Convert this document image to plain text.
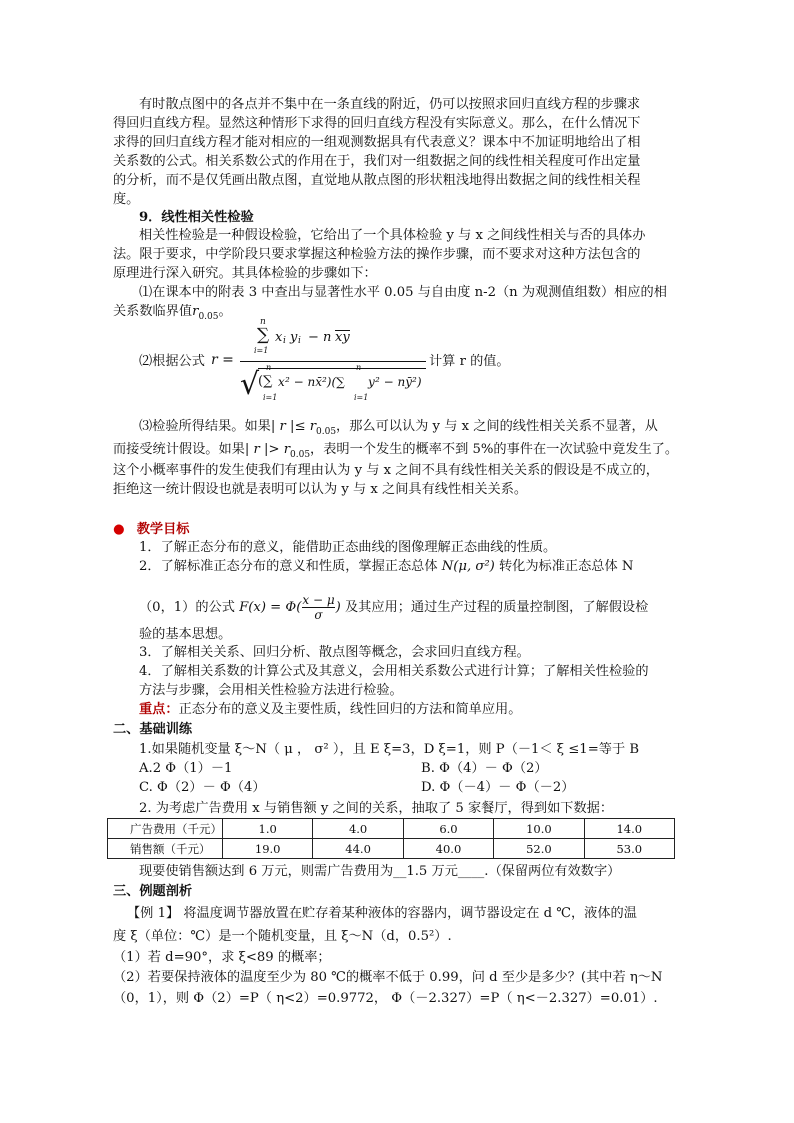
有时散点图中的各点并不集中在一条直线的附近，仍可以按照求回归直线方程的步骤求
得回归直线方程。显然这种情形下求得的回归直线方程没有实际意义。那么，在什么情况下
求得的回归直线方程才能对相应的一组观测数据具有代表意义？课本中不加证明地给出了相
关系数的公式。相关系数公式的作用在于，我们对一组数据之间的线性相关程度可作出定量
的分析，而不是仅凭画出散点图，直觉地从散点图的形状粗浅地得出数据之间的线性相关程
度。
9．线性相关性检验
相关性检验是一种假设检验，它给出了一个具体检验 y 与 x 之间线性相关与否的具体办
法。限于要求，中学阶段只要求掌握这种检验方法的操作步骤，而不要求对这种方法包含的
原理进行深入研究。其具体检验的步骤如下：
⑴在课本中的附表 3 中查出与显著性水平 0.05 与自由度 n-2（n 为观测值组数）相应的相
关系数临界值$r_{0.05}$。
⑵根据公式 r =
n
∑
i=1
x i y i − n xy
√ n
(∑
i=1
x ² − nx̄²)(∑
n
i=1
y ² − nȳ²)
计算 r 的值。
⑶检验所得结果。如果| r |≤ $r_{0.05}$，那么可以认为 y 与 x 之间的线性相关关系不显著，从
而接受统计假设。如果| r |> $r_{0.05}$，表明一个发生的概率不到 5%的事件在一次试验中竟发生了。
这个小概率事件的发生使我们有理由认为 y 与 x 之间不具有线性相关关系的假设是不成立的，
拒绝这一统计假设也就是表明可以认为 y 与 x 之间具有线性相关关系。
● 教学目标
1．了解正态分布的意义，能借助正态曲线的图像理解正态曲线的性质。
2．了解标准正态分布的意义和性质，掌握正态总体 N(μ, σ²) 转化为标准正态总体 N
（0，1）的公式 $F(x) = \Phi( \frac{x - \mu}{\sigma}$ ) 及其应用；通过生产过程的质量控制图，了解假设检
验的基本思想。
3．了解相关关系、回归分析、散点图等概念，会求回归直线方程。
4．了解相关系数的计算公式及其意义，会用相关系数公式进行计算；了解相关性检验的
方法与步骤，会用相关性检验方法进行检验。
重点：正态分布的意义及主要性质，线性回归的方法和简单应用。
二、基础训练
1.如果随机变量 ξ～N（ μ ， σ² ），且 E ξ=3，D ξ=1，则 P（－1＜ ξ ≤1=等于 B
A.2 Φ（1）－1	B. Φ（4）－ Φ（2）
C. Φ（2）－ Φ（4）	D. Φ（－4）－ Φ（－2）
2. 为考虑广告费用 x 与销售额 y 之间的关系，抽取了 5 家餐厅，得到如下数据：
广告费用（千元）	1.0	4.0	6.0	10.0	14.0
销售额（千元）	19.0	44.0	40.0	52.0	53.0
现要使销售额达到 6 万元，则需广告费用为__1.5 万元____.（保留两位有效数字）
三、例题剖析
【例 1】 将温度调节器放置在贮存着某种液体的容器内，调节器设定在 d ℃，液体的温
度 ξ（单位：℃）是一个随机变量，且 ξ～N（d，0.5²）.
（1）若 d=90°，求 ξ<89 的概率；
（2）若要保持液体的温度至少为 80 ℃的概率不低于 0.99，问 d 至少是多少？(其中若 η～N
（0，1），则 Φ（2）=P（ η<2）=0.9772， Φ（－2.327）=P（ η<－2.327）=0.01）.
